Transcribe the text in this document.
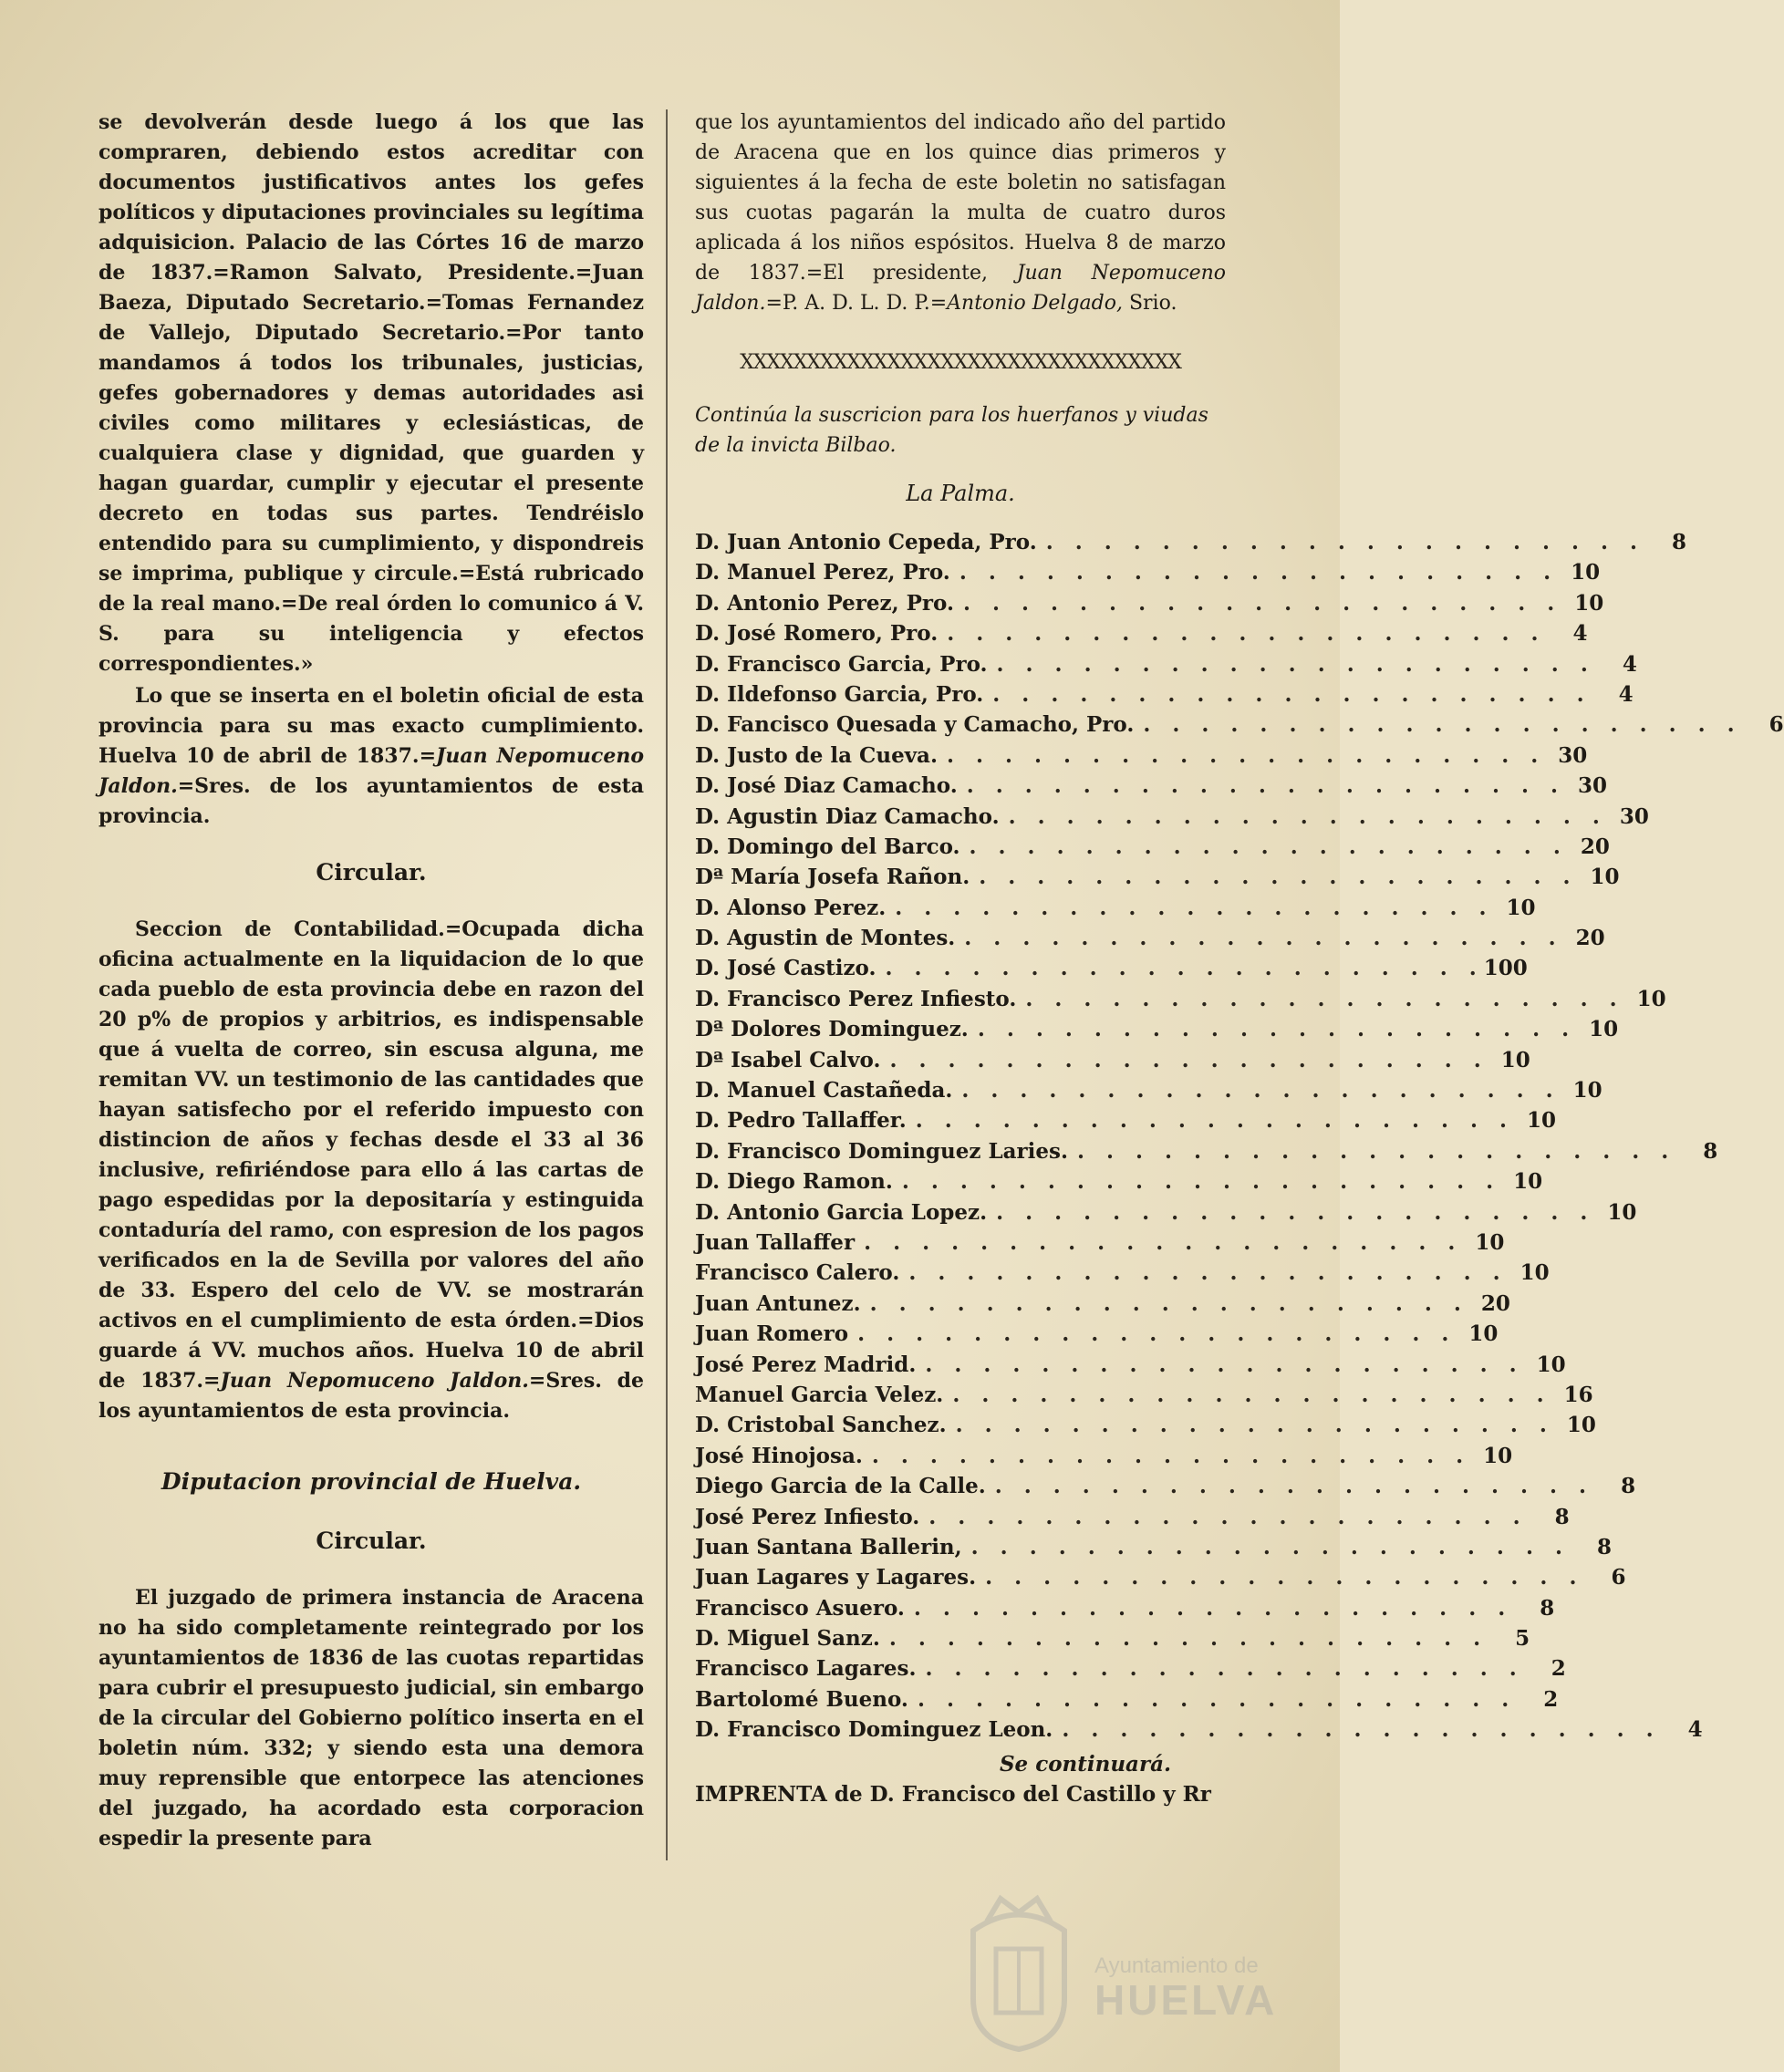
se devolverán desde luego á los que las compraren, debiendo estos acreditar con documentos justificativos antes los gefes políticos y diputaciones provinciales su legítima adquisicion. Palacio de las Córtes 16 de marzo de 1837.=Ramon Salvato, Presidente.=Juan Baeza, Diputado Secretario.=Tomas Fernandez de Vallejo, Diputado Secretario.=Por tanto mandamos á todos los tribunales, justicias, gefes gobernadores y demas autoridades asi civiles como militares y eclesiásticas, de cualquiera clase y dignidad, que guarden y hagan guardar, cumplir y ejecutar el presente decreto en todas sus partes. Tendréislo entendido para su cumplimiento, y dispondreis se imprima, publique y circule.=Está rubricado de la real mano.=De real órden lo comunico á V. S. para su inteligencia y efectos correspondientes.»

Lo que se inserta en el boletin oficial de esta provincia para su mas exacto cumplimiento. Huelva 10 de abril de 1837.=Juan Nepomuceno Jaldon.=Sres. de los ayuntamientos de esta provincia.

Circular.

Seccion de Contabilidad.=Ocupada dicha oficina actualmente en la liquidacion de lo que cada pueblo de esta provincia debe en razon del 20 p% de propios y arbitrios, es indispensable que á vuelta de correo, sin escusa alguna, me remitan VV. un testimonio de las cantidades que hayan satisfecho por el referido impuesto con distincion de años y fechas desde el 33 al 36 inclusive, refiriéndose para ello á las cartas de pago espedidas por la depositaría y estinguida contaduría del ramo, con espresion de los pagos verificados en la de Sevilla por valores del año de 33. Espero del celo de VV. se mostrarán activos en el cumplimiento de esta órden.=Dios guarde á VV. muchos años. Huelva 10 de abril de 1837.=Juan Nepomuceno Jaldon.=Sres. de los ayuntamientos de esta provincia.

Diputacion provincial de Huelva.
Circular.

El juzgado de primera instancia de Aracena no ha sido completamente reintegrado por los ayuntamientos de 1836 de las cuotas repartidas para cubrir el presupuesto judicial, sin embargo de la circular del Gobierno político inserta en el boletin núm. 332; y siendo esta una demora muy reprensible que entorpece las atenciones del juzgado, ha acordado esta corporacion espedir la presente para

que los ayuntamientos del indicado año del partido de Aracena que en los quince dias primeros y siguientes á la fecha de este boletin no satisfagan sus cuotas pagarán la multa de cuatro duros aplicada á los niños espósitos. Huelva 8 de marzo de 1837.=El presidente, Juan Nepomuceno Jaldon.=P. A. D. L. D. P.=Antonio Delgado, Srio.

XXXXXXXXXXXXXXXXXXXXXXXXXXXXXXXXX

Continúa la suscricion para los huerfanos y viudas de la invicta Bilbao.

La Palma.
D. Juan Antonio Cepeda, Pro. . . . . . . . . . . . . . . . . . . . . .	8
D. Manuel Perez, Pro. . . . . . . . . . . . . . . . . . . . . . 10
D. Antonio Perez, Pro. . . . . . . . . . . . . . . . . . . . . . 10
D. José Romero, Pro. . . . . . . . . . . . . . . . . . . . . .	4
D. Francisco Garcia, Pro. . . . . . . . . . . . . . . . . . . . . .	4
D. Ildefonso Garcia, Pro. . . . . . . . . . . . . . . . . . . . . .	4
D. Fancisco Quesada y Camacho, Pro. . . . . . . . . . . . . . . . . . . . . .	6
D. Justo de la Cueva. . . . . . . . . . . . . . . . . . . . . . 30
D. José Diaz Camacho. . . . . . . . . . . . . . . . . . . . . . 30
D. Agustin Diaz Camacho. . . . . . . . . . . . . . . . . . . . . . 30
D. Domingo del Barco. . . . . . . . . . . . . . . . . . . . . . 20
Dª María Josefa Rañon. . . . . . . . . . . . . . . . . . . . . . 10
D. Alonso Perez. . . . . . . . . . . . . . . . . . . . . . 10
D. Agustin de Montes. . . . . . . . . . . . . . . . . . . . . . 20
D. José Castizo. . . . . . . . . . . . . . . . . . . . . . 100
D. Francisco Perez Infiesto. . . . . . . . . . . . . . . . . . . . . . 10
Dª Dolores Dominguez. . . . . . . . . . . . . . . . . . . . . . 10
Dª Isabel Calvo. . . . . . . . . . . . . . . . . . . . . . 10
D. Manuel Castañeda. . . . . . . . . . . . . . . . . . . . . . 10
D. Pedro Tallaffer. . . . . . . . . . . . . . . . . . . . . . 10
D. Francisco Dominguez Laries. . . . . . . . . . . . . . . . . . . . . .	8
D. Diego Ramon. . . . . . . . . . . . . . . . . . . . . . 10
D. Antonio Garcia Lopez. . . . . . . . . . . . . . . . . . . . . . 10
Juan Tallaffer . . . . . . . . . . . . . . . . . . . . . 10
Francisco Calero. . . . . . . . . . . . . . . . . . . . . . 10
Juan Antunez. . . . . . . . . . . . . . . . . . . . . . 20
Juan Romero . . . . . . . . . . . . . . . . . . . . . 10
José Perez Madrid. . . . . . . . . . . . . . . . . . . . . . 10
Manuel Garcia Velez. . . . . . . . . . . . . . . . . . . . . . 16
D. Cristobal Sanchez. . . . . . . . . . . . . . . . . . . . . . 10
José Hinojosa. . . . . . . . . . . . . . . . . . . . . . 10
Diego Garcia de la Calle. . . . . . . . . . . . . . . . . . . . . .	8
José Perez Infiesto. . . . . . . . . . . . . . . . . . . . . .	8
Juan Santana Ballerin, . . . . . . . . . . . . . . . . . . . . .	8
Juan Lagares y Lagares. . . . . . . . . . . . . . . . . . . . . .	6
Francisco Asuero. . . . . . . . . . . . . . . . . . . . . .	8
D. Miguel Sanz. . . . . . . . . . . . . . . . . . . . . .	5
Francisco Lagares. . . . . . . . . . . . . . . . . . . . . .	2
Bartolomé Bueno. . . . . . . . . . . . . . . . . . . . . .	2
D. Francisco Dominguez Leon. . . . . . . . . . . . . . . . . . . . . .	4
Se continuará.
IMPRENTA de D. Francisco del Castillo y Rr
Ayuntamiento de
HUELVA
